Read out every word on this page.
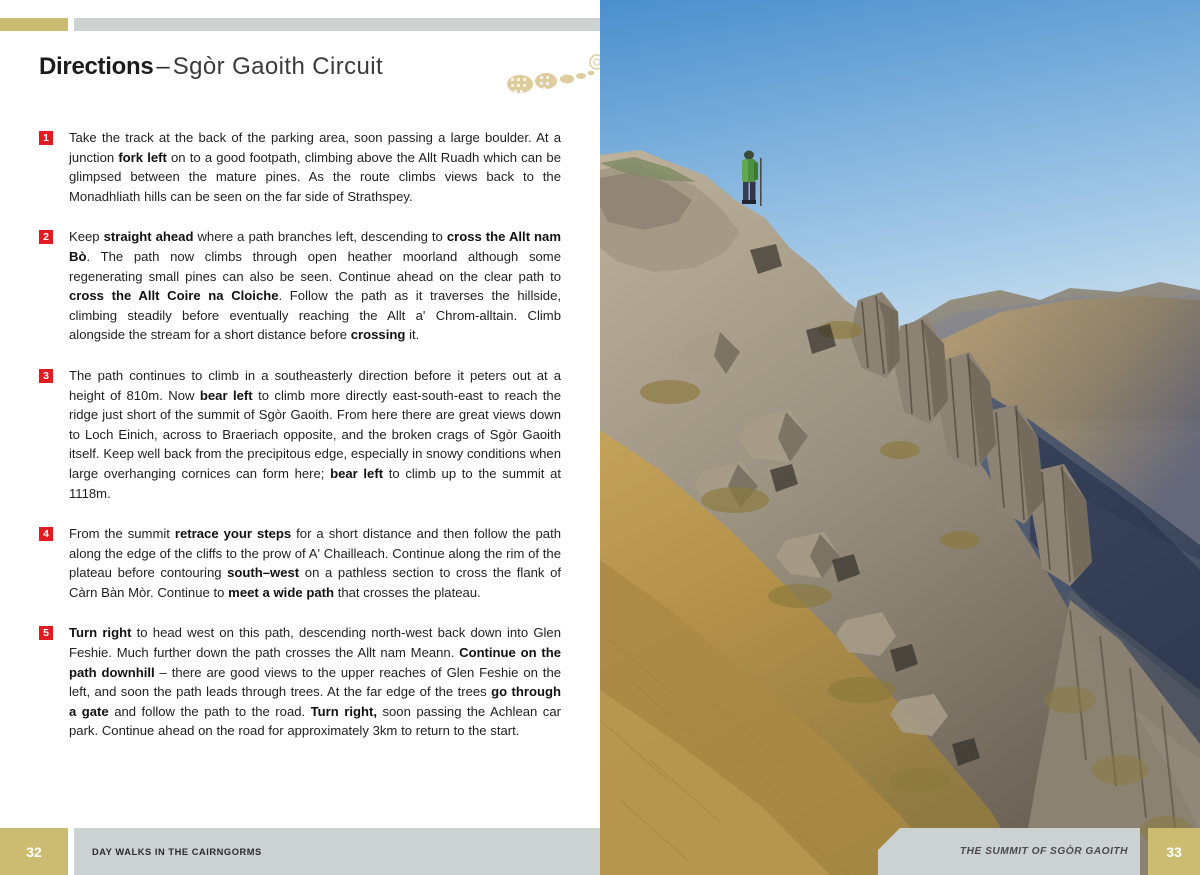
Directions – Sgòr Gaoith Circuit
1	Take the track at the back of the parking area, soon passing a large boulder. At a junction fork left on to a good footpath, climbing above the Allt Ruadh which can be glimpsed between the mature pines. As the route climbs views back to the Monadhliath hills can be seen on the far side of Strathspey.
2	Keep straight ahead where a path branches left, descending to cross the Allt nam Bò. The path now climbs through open heather moorland although some regenerating small pines can also be seen. Continue ahead on the clear path to cross the Allt Coire na Cloiche. Follow the path as it traverses the hillside, climbing steadily before eventually reaching the Allt a' Chrom-alltain. Climb alongside the stream for a short distance before crossing it.
3	The path continues to climb in a southeasterly direction before it peters out at a height of 810m. Now bear left to climb more directly east-south-east to reach the ridge just short of the summit of Sgòr Gaoith. From here there are great views down to Loch Einich, across to Braeriach opposite, and the broken crags of Sgòr Gaoith itself. Keep well back from the precipitous edge, especially in snowy conditions when large overhanging cornices can form here; bear left to climb up to the summit at 1118m.
4	From the summit retrace your steps for a short distance and then follow the path along the edge of the cliffs to the prow of A' Chailleach. Continue along the rim of the plateau before contouring south–west on a pathless section to cross the flank of Càrn Bàn Mòr. Continue to meet a wide path that crosses the plateau.
5	Turn right to head west on this path, descending north-west back down into Glen Feshie. Much further down the path crosses the Allt nam Meann. Continue on the path downhill – there are good views to the upper reaches of Glen Feshie on the left, and soon the path leads through trees. At the far edge of the trees go through a gate and follow the path to the road. Turn right, soon passing the Achlean car park. Continue ahead on the road for approximately 3km to return to the start.
32	DAY WALKS IN THE CAIRNGORMS	THE SUMMIT OF SGÒR GAOITH	33
